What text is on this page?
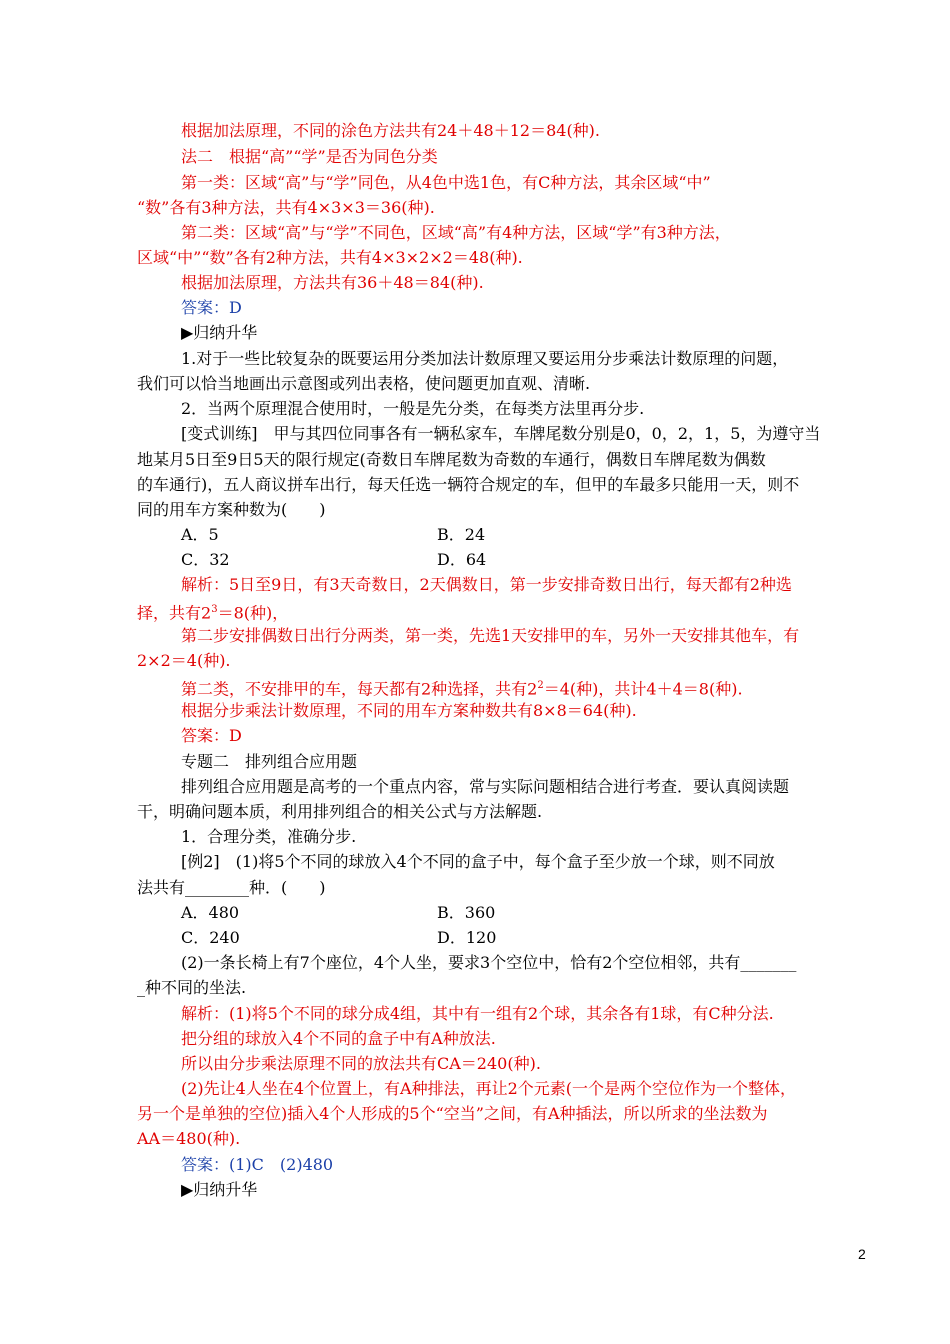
根据加法原理，不同的涂色方法共有24＋48＋12＝84(种).
法二　根据“高”“学”是否为同色分类
第一类：区域“高”与“学”同色，从4色中选1色，有C种方法，其余区域“中”
“数”各有3种方法，共有4×3×3＝36(种).
第二类：区域“高”与“学”不同色，区域“高”有4种方法，区域“学”有3种方法，
区域“中”“数”各有2种方法，共有4×3×2×2＝48(种).
根据加法原理，方法共有36＋48＝84(种).
答案：D
▶归纳升华
1.对于一些比较复杂的既要运用分类加法计数原理又要运用分步乘法计数原理的问题，
我们可以恰当地画出示意图或列出表格，使问题更加直观、清晰.
2．当两个原理混合使用时，一般是先分类，在每类方法里再分步.
[变式训练]　甲与其四位同事各有一辆私家车，车牌尾数分别是0，0，2，1，5，为遵守当
地某月5日至9日5天的限行规定(奇数日车牌尾数为奇数的车通行，偶数日车牌尾数为偶数
的车通行)，五人商议拼车出行，每天任选一辆符合规定的车，但甲的车最多只能用一天，则不
同的用车方案种数为(　　)
A．5	B．24
C．32	D．64
解析：5日至9日，有3天奇数日，2天偶数日，第一步安排奇数日出行，每天都有2种选
择，共有$2^3=8$(种)，
第二步安排偶数日出行分两类，第一类，先选1天安排甲的车，另外一天安排其他车，有
2×2＝4(种).
第二类，不安排甲的车，每天都有2种选择，共有$2^2=4$(种)，共计4＋4＝8(种).
根据分步乘法计数原理，不同的用车方案种数共有8×8＝64(种).
答案：D
专题二　排列组合应用题
排列组合应用题是高考的一个重点内容，常与实际问题相结合进行考查．要认真阅读题
干，明确问题本质，利用排列组合的相关公式与方法解题.
1．合理分类，准确分步.
[例2]　(1)将5个不同的球放入4个不同的盒子中，每个盒子至少放一个球，则不同放
法共有________种．(　　)
A．480	B．360
C．240	D．120
(2)一条长椅上有7个座位，4个人坐，要求3个空位中，恰有2个空位相邻，共有_______
_种不同的坐法.
解析：(1)将5个不同的球分成4组，其中有一组有2个球，其余各有1球，有C种分法.
把分组的球放入4个不同的盒子中有A种放法.
所以由分步乘法原理不同的放法共有CA＝240(种).
(2)先让4人坐在4个位置上，有A种排法，再让2个元素(一个是两个空位作为一个整体，
另一个是单独的空位)插入4个人形成的5个“空当”之间，有A种插法，所以所求的坐法数为
AA＝480(种).
答案：(1)C　(2)480
▶归纳升华
2
